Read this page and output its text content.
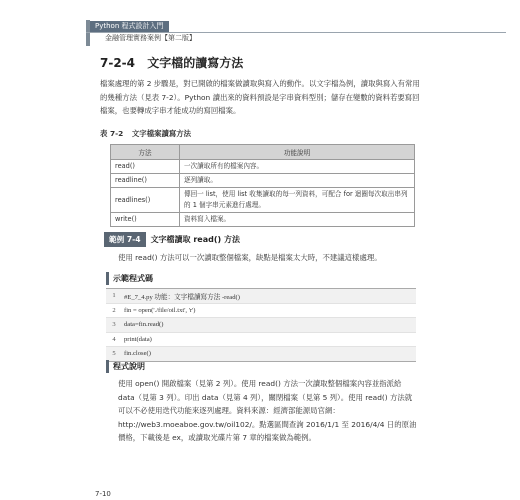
Python 程式設計入門
金融管理實務案例【第二版】
7-2-4 文字檔的讀寫方法
檔案處理的第 2 步驟是，對已開啟的檔案做讀取與寫入的動作。以文字檔為例，讀取與寫入有常用的幾種方法（見表 7-2）。Python 讀出來的資料預設是字串資料型別；儲存在變數的資料若要寫回檔案，也要轉成字串才能成功的寫回檔案。
表 7-2 文字檔案讀寫方法
方法	功能說明
read()	一次讀取所有的檔案內容。
readline()	逐列讀取。
readlines()	傳回一 list，使用 list 收集讀取的每一列資料，可配合 for 迴圈每次取出串列的 1 個字串元素進行處理。
write()	資料寫入檔案。
範例 7-4	文字檔讀取 read() 方法
使用 read() 方法可以一次讀取整個檔案，缺點是檔案太大時，不建議這樣處理。
示範程式碼
1	#E_7_4.py 功能：文字檔讀寫方法 -read()
2	fin = open('./file/oil.txt', 'r')
3	data=fin.read()
4	print(data)
5	fin.close()
程式說明
使用 open() 開啟檔案（見第 2 列）。使用 read() 方法一次讀取整個檔案內容並指派給 data（見第 3 列）。印出 data（見第 4 列），關閉檔案（見第 5 列）。使用 read() 方法就可以不必使用迭代功能來逐列處理。資料來源：經濟部能源局官網：http://web3.moeaboe.gov.tw/oil102/。點選區間查詢 2016/1/1 至 2016/4/4 日的原油價格，下載後是 ex，或讀取光碟片第 7 章的檔案做為範例。
7-10
